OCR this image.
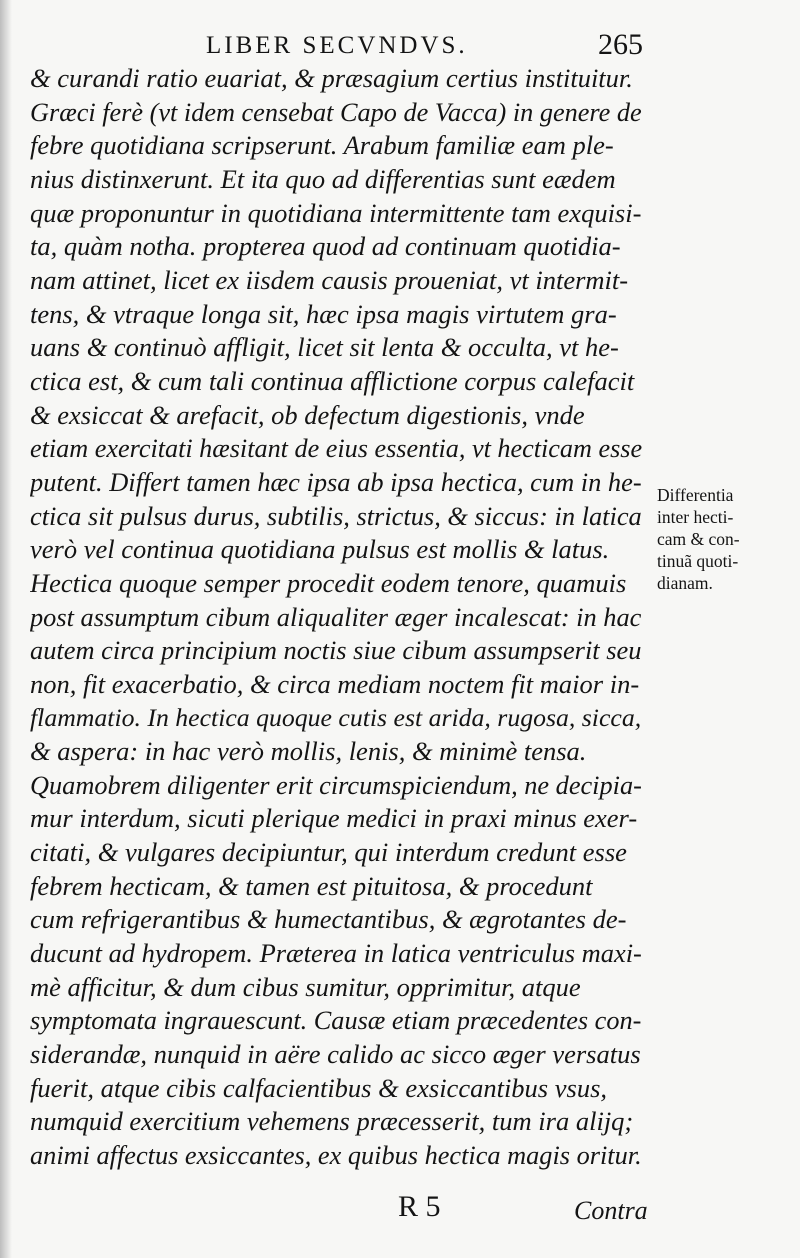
LIBER SECVNDVS.	265
& curandi ratio euariat, & præsagium certius instituitur.
Græci ferè (vt idem censebat Capo de Vacca) in genere de
febre quotidiana scripserunt. Arabum familiæ eam ple-
nius distinxerunt. Et ita quo ad differentias sunt eædem
quæ proponuntur in quotidiana intermittente tam exquisi-
ta, quàm notha. propterea quod ad continuam quotidia-
nam attinet, licet ex iisdem causis proueniat, vt intermit-
tens, & vtraque longa sit, hæc ipsa magis virtutem gra-
uans & continuò affligit, licet sit lenta & occulta, vt he-
ctica est, & cum tali continua afflictione corpus calefacit
& exsiccat & arefacit, ob defectum digestionis, vnde
etiam exercitati hæsitant de eius essentia, vt hecticam esse
putent. Differt tamen hæc ipsa ab ipsa hectica, cum in he-
ctica sit pulsus durus, subtilis, strictus, & siccus: in latica
verò vel continua quotidiana pulsus est mollis & latus.
Hectica quoque semper procedit eodem tenore, quamuis
post assumptum cibum aliqualiter æger incalescat: in hac
autem circa principium noctis siue cibum assumpserit seu
non, fit exacerbatio, & circa mediam noctem fit maior in-
flammatio. In hectica quoque cutis est arida, rugosa, sicca,
& aspera: in hac verò mollis, lenis, & minimè tensa.
Quamobrem diligenter erit circumspiciendum, ne decipia-
mur interdum, sicuti plerique medici in praxi minus exer-
citati, & vulgares decipiuntur, qui interdum credunt esse
febrem hecticam, & tamen est pituitosa, & procedunt
cum refrigerantibus & humectantibus, & ægrotantes de-
ducunt ad hydropem. Præterea in latica ventriculus maxi-
mè afficitur, & dum cibus sumitur, opprimitur, atque
symptomata ingrauescunt. Causæ etiam præcedentes con-
siderandæ, nunquid in aëre calido ac sicco æger versatus
fuerit, atque cibis calfacientibus & exsiccantibus vsus,
numquid exercitium vehemens præcesserit, tum ira alijq;
animi affectus exsiccantes, ex quibus hectica magis oritur.
Differentia
inter hecti-
cam & con-
tinuã quoti-
dianam.
R 5	Contra
